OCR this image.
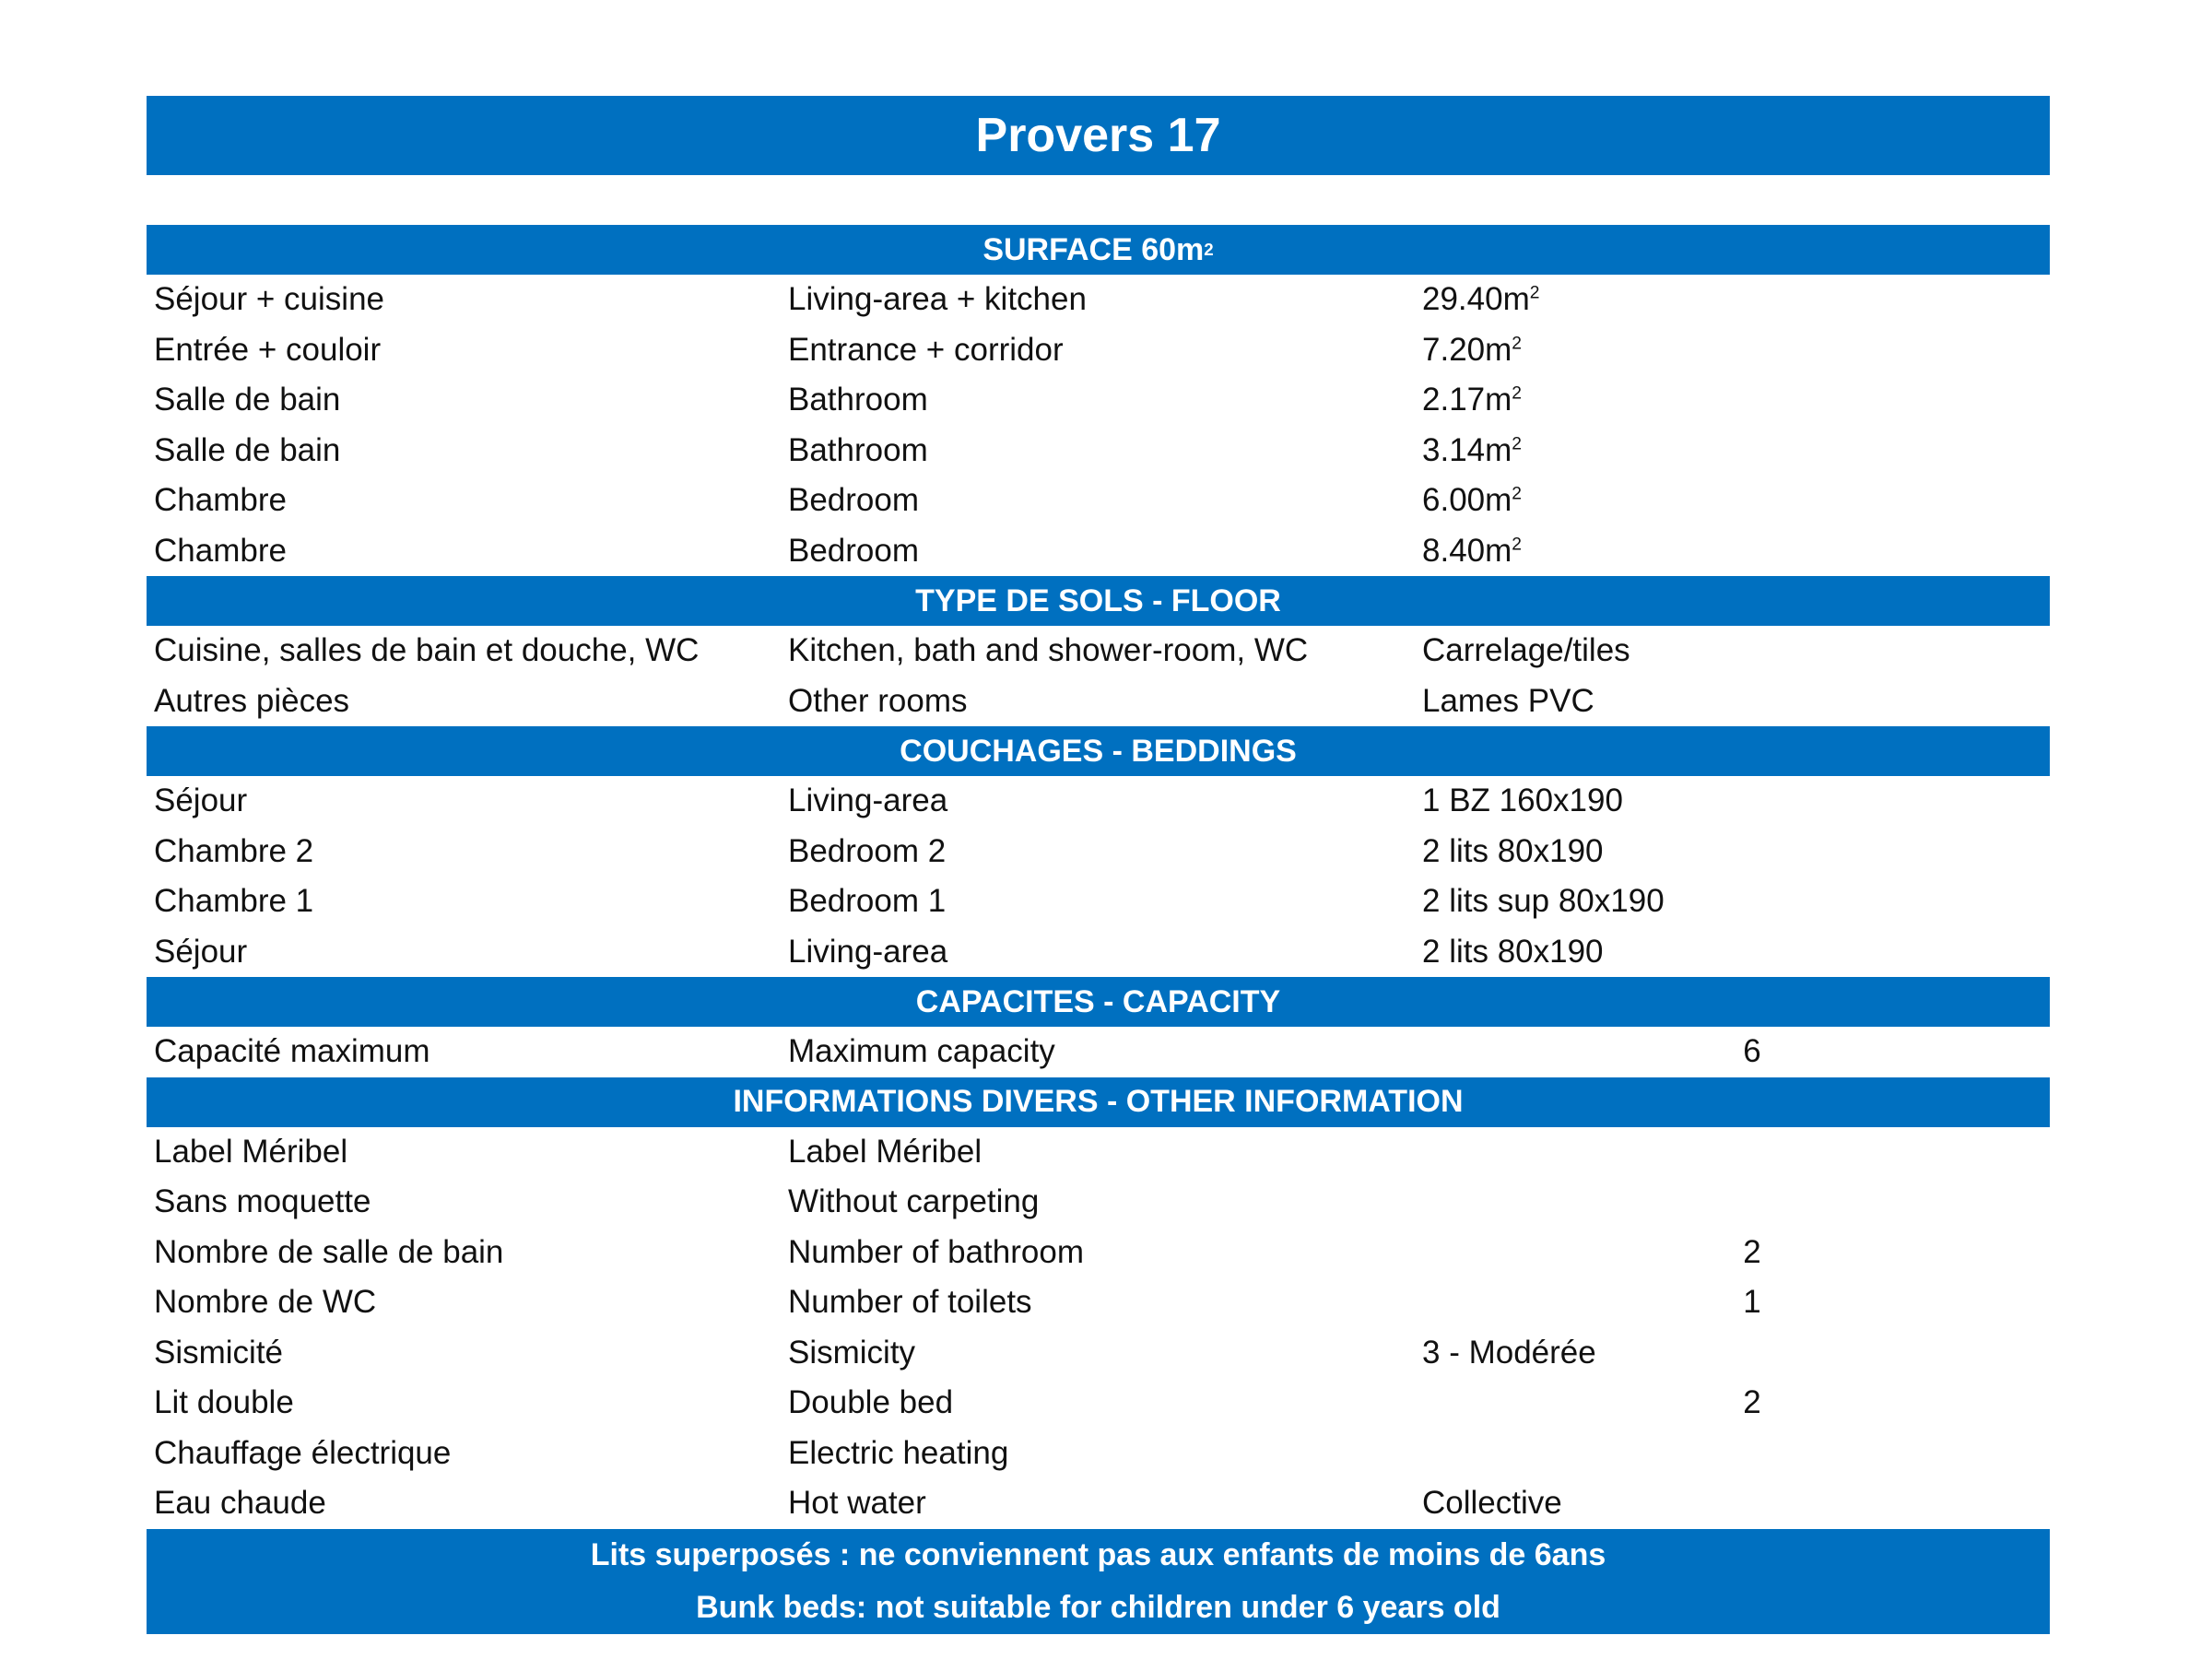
Provers 17
SURFACE 60m 2
Séjour + cuisine	Living-area + kitchen	$29.40m^2$
Entrée + couloir	Entrance + corridor	$7.20m^2$
Salle de bain	Bathroom	$2.17m^2$
Salle de bain	Bathroom	$3.14m^2$
Chambre	Bedroom	$6.00m^2$
Chambre	Bedroom	$8.40m^2$
TYPE DE SOLS - FLOOR
Cuisine, salles de bain et douche, WC	Kitchen, bath and shower-room, WC	Carrelage/tiles
Autres pièces	Other rooms	Lames PVC
COUCHAGES - BEDDINGS
Séjour	Living-area	1 BZ 160x190
Chambre 2	Bedroom 2	2 lits 80x190
Chambre 1	Bedroom 1	2 lits sup 80x190
Séjour	Living-area	2 lits 80x190
CAPACITES - CAPACITY
Capacité maximum	Maximum capacity	6
INFORMATIONS DIVERS - OTHER INFORMATION
Label Méribel	Label Méribel
Sans moquette	Without carpeting
Nombre de salle de bain	Number of bathroom	2
Nombre de WC	Number of toilets	1
Sismicité	Sismicity	3 - Modérée
Lit double	Double bed	2
Chauffage électrique	Electric heating
Eau chaude	Hot water	Collective
Lits superposés : ne conviennent pas aux enfants de moins de 6ans
Bunk beds: not suitable for children under 6 years old
